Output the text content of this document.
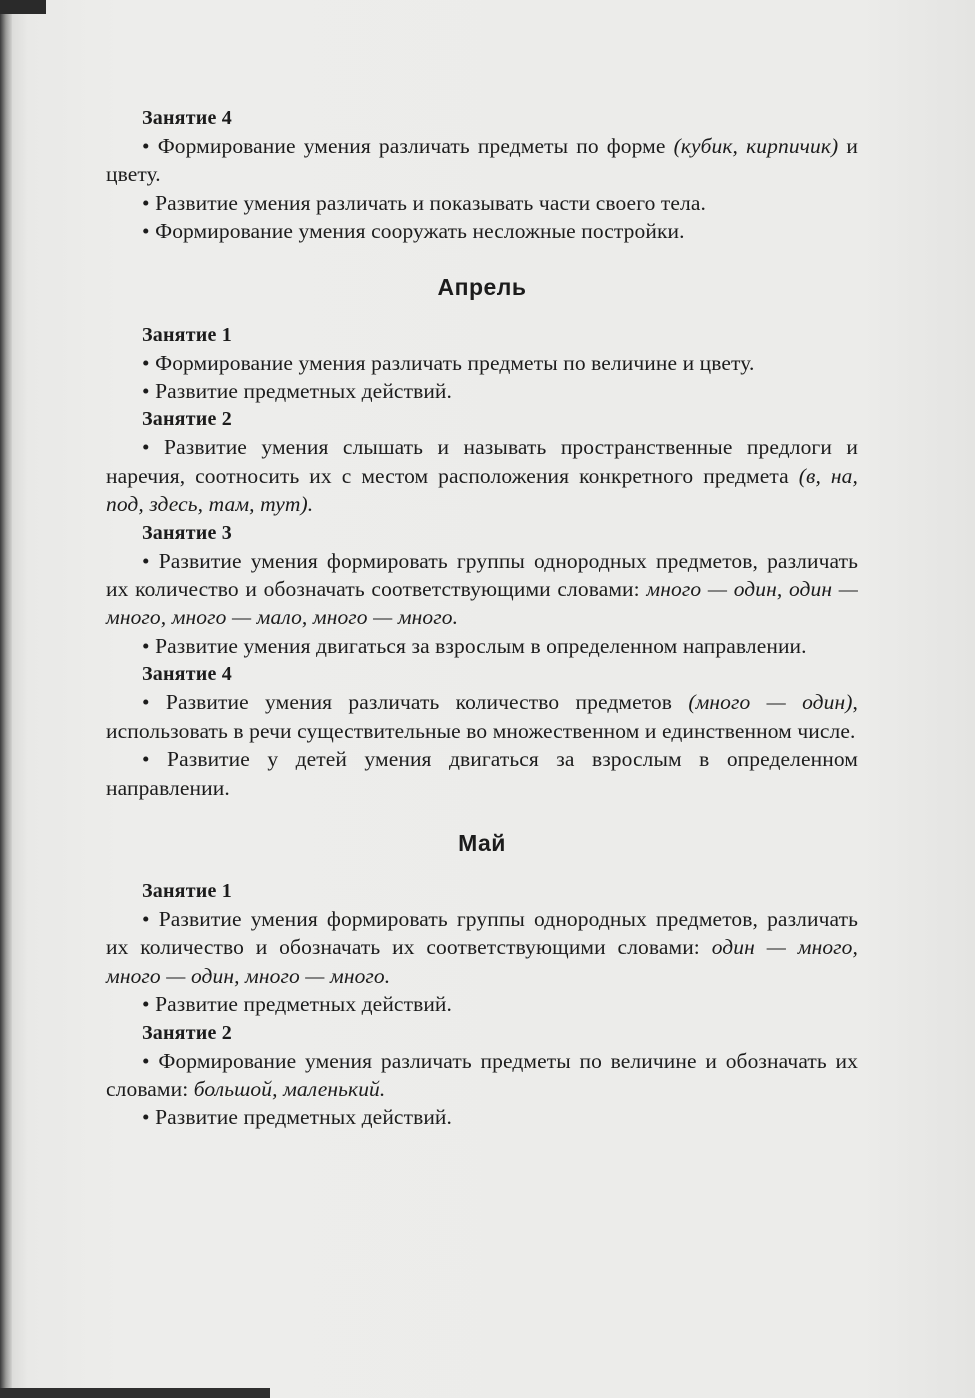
Занятие 4

• Формирование умения различать предметы по форме (кубик, кирпичик) и цвету.

• Развитие умения различать и показывать части своего тела.

• Формирование умения сооружать несложные постройки.

Апрель

Занятие 1

• Формирование умения различать предметы по величине и цвету.

• Развитие предметных действий.

Занятие 2

• Развитие умения слышать и называть пространственные предлоги и наречия, соотносить их с местом расположения конкретного предмета (в, на, под, здесь, там, тут).

Занятие 3

• Развитие умения формировать группы однородных предметов, различать их количество и обозначать соответствующими словами: много — один, один — много, много — мало, много — много.

• Развитие умения двигаться за взрослым в определенном направлении.

Занятие 4

• Развитие умения различать количество предметов (много — один), использовать в речи существительные во множественном и единственном числе.

• Развитие у детей умения двигаться за взрослым в определенном направлении.

Май

Занятие 1

• Развитие умения формировать группы однородных предметов, различать их количество и обозначать их соответствующими словами: один — много, много — один, много — много.

• Развитие предметных действий.

Занятие 2

• Формирование умения различать предметы по величине и обозначать их словами: большой, маленький.

• Развитие предметных действий.
